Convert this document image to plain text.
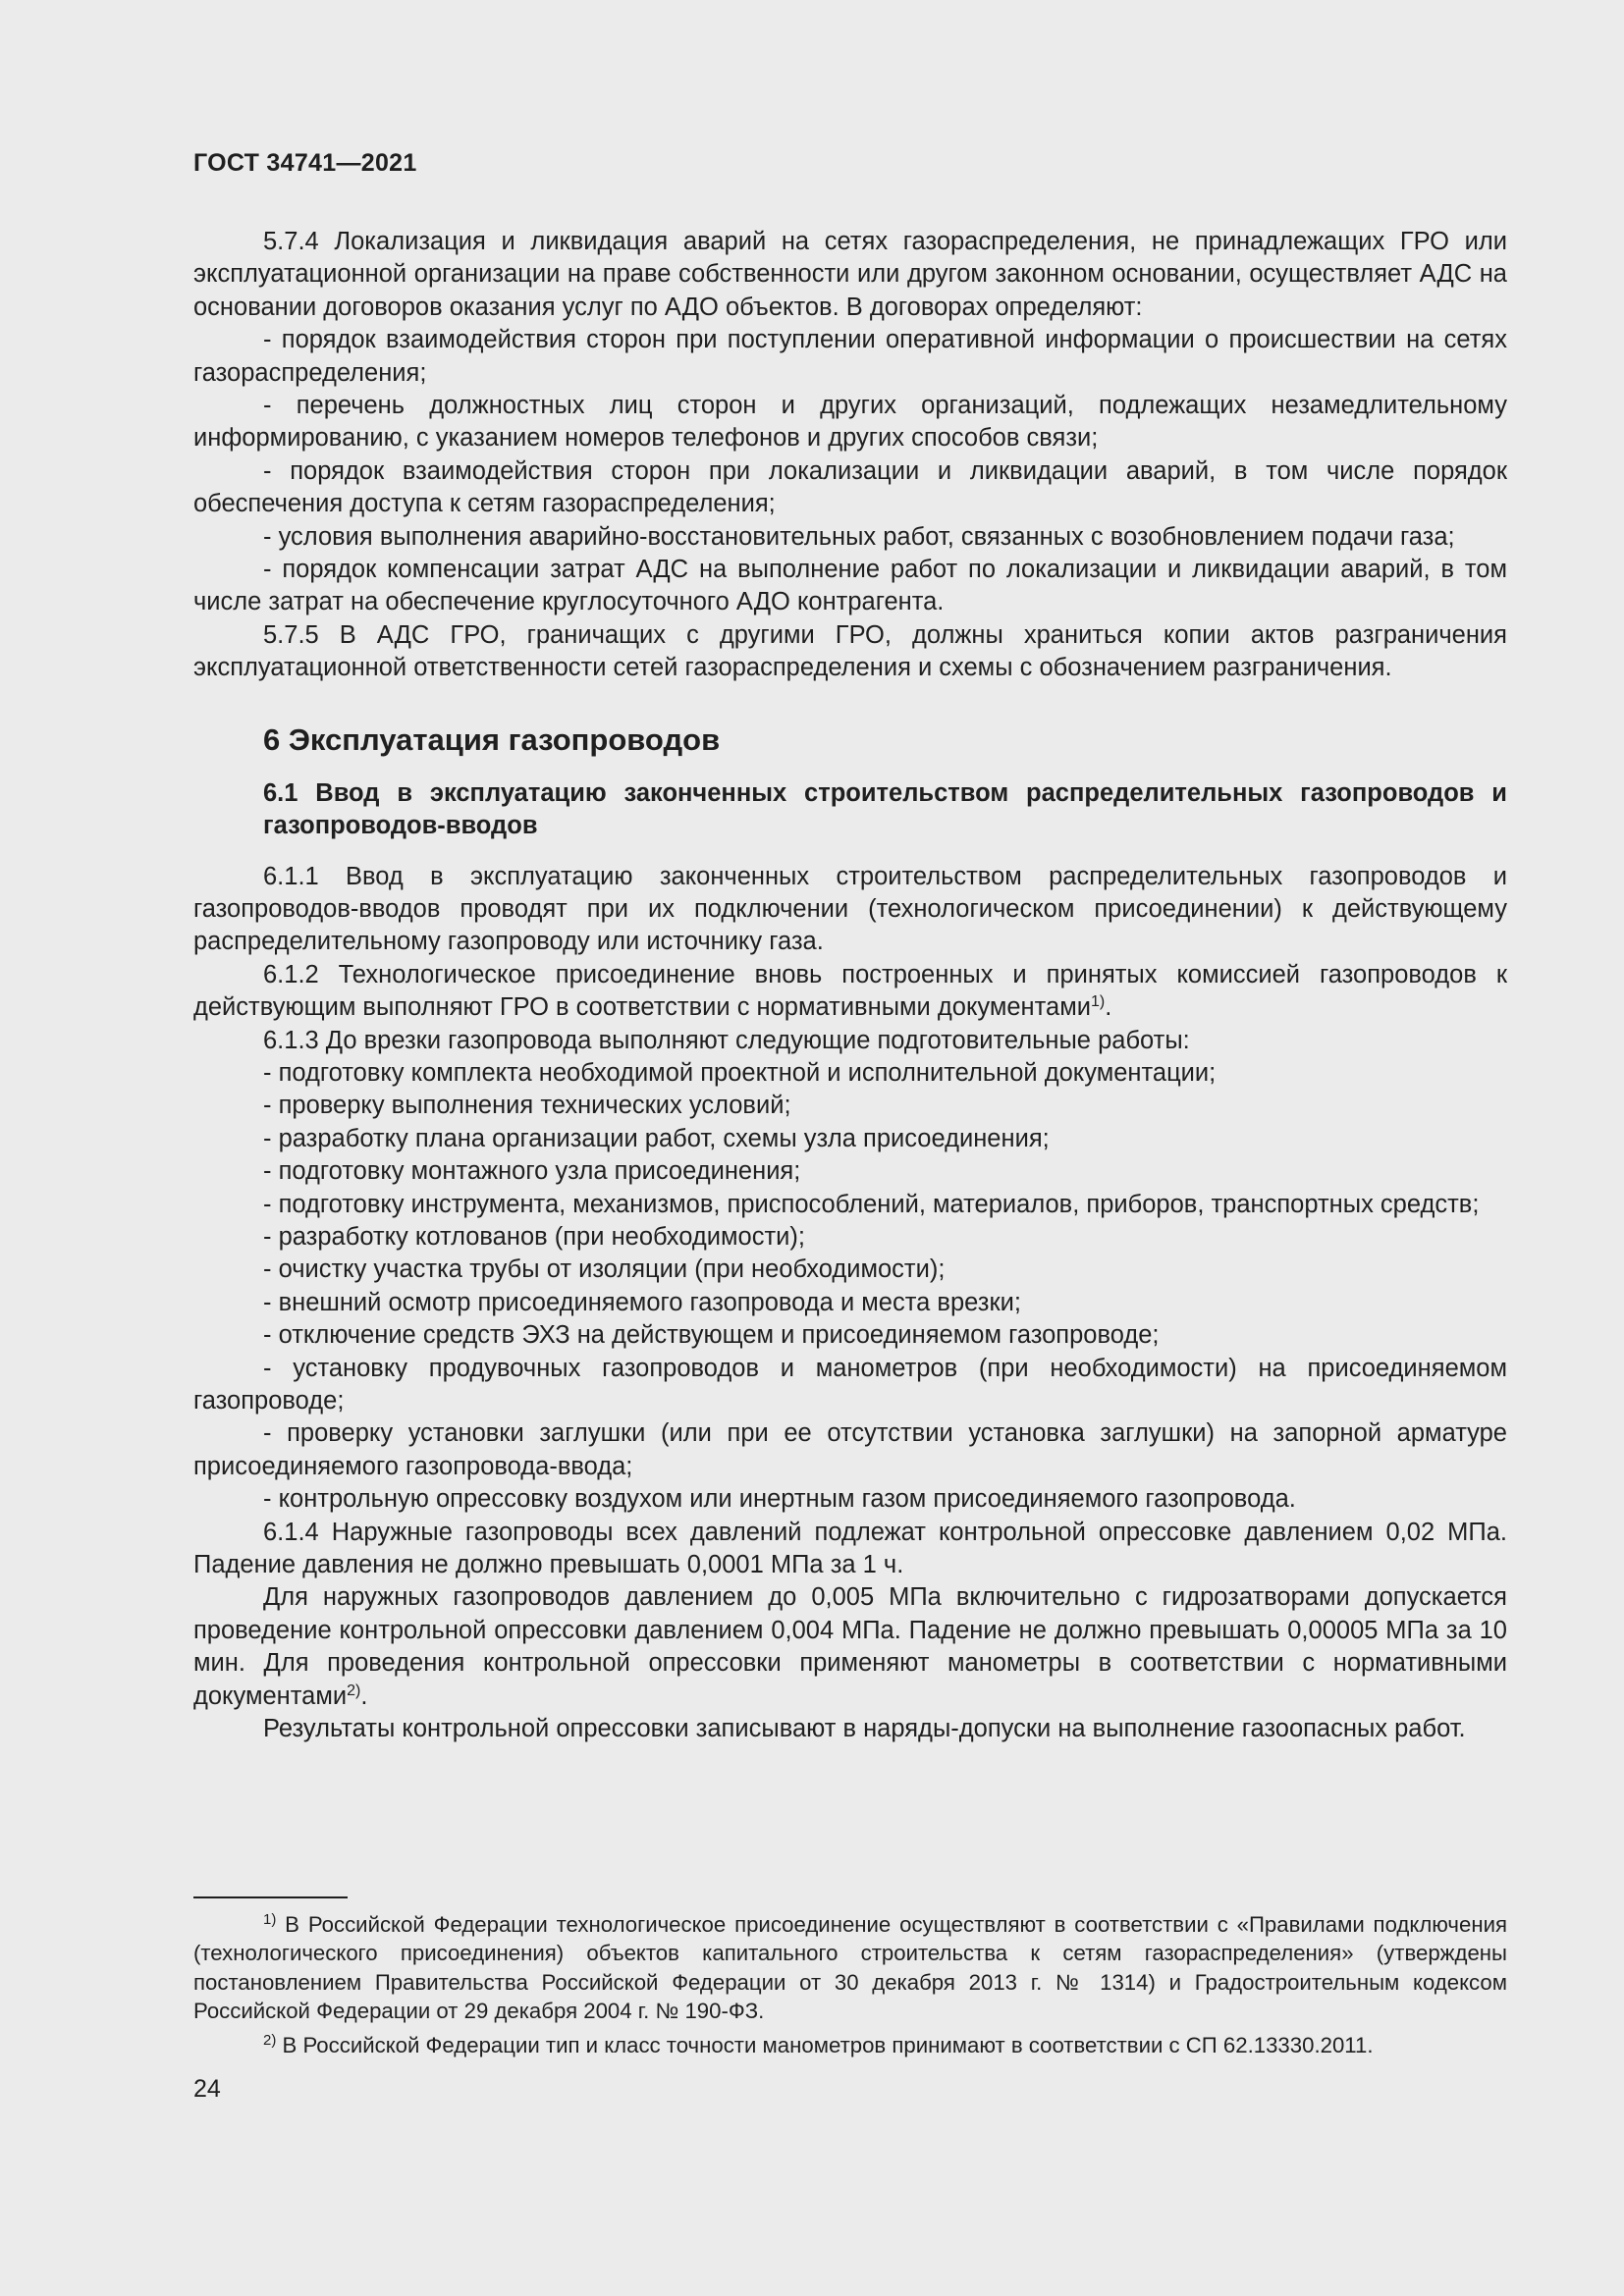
ГОСТ 34741—2021
5.7.4 Локализация и ликвидация аварий на сетях газораспределения, не принадлежащих ГРО или эксплуатационной организации на праве собственности или другом законном основании, осуществляет АДС на основании договоров оказания услуг по АДО объектов. В договорах определяют:
- порядок взаимодействия сторон при поступлении оперативной информации о происшествии на сетях газораспределения;
- перечень должностных лиц сторон и других организаций, подлежащих незамедлительному информированию, с указанием номеров телефонов и других способов связи;
- порядок взаимодействия сторон при локализации и ликвидации аварий, в том числе порядок обеспечения доступа к сетям газораспределения;
- условия выполнения аварийно-восстановительных работ, связанных с возобновлением подачи газа;
- порядок компенсации затрат АДС на выполнение работ по локализации и ликвидации аварий, в том числе затрат на обеспечение круглосуточного АДО контрагента.
5.7.5 В АДС ГРО, граничащих с другими ГРО, должны храниться копии актов разграничения эксплуатационной ответственности сетей газораспределения и схемы с обозначением разграничения.
6 Эксплуатация газопроводов
6.1 Ввод в эксплуатацию законченных строительством распределительных газопроводов и газопроводов-вводов
6.1.1 Ввод в эксплуатацию законченных строительством распределительных газопроводов и газопроводов-вводов проводят при их подключении (технологическом присоединении) к действующему распределительному газопроводу или источнику газа.
6.1.2 Технологическое присоединение вновь построенных и принятых комиссией газопроводов к действующим выполняют ГРО в соответствии с нормативными документами$^{1)}$.
6.1.3 До врезки газопровода выполняют следующие подготовительные работы:
- подготовку комплекта необходимой проектной и исполнительной документации;
- проверку выполнения технических условий;
- разработку плана организации работ, схемы узла присоединения;
- подготовку монтажного узла присоединения;
- подготовку инструмента, механизмов, приспособлений, материалов, приборов, транспортных средств;
- разработку котлованов (при необходимости);
- очистку участка трубы от изоляции (при необходимости);
- внешний осмотр присоединяемого газопровода и места врезки;
- отключение средств ЭХЗ на действующем и присоединяемом газопроводе;
- установку продувочных газопроводов и манометров (при необходимости) на присоединяемом газопроводе;
- проверку установки заглушки (или при ее отсутствии установка заглушки) на запорной арматуре присоединяемого газопровода-ввода;
- контрольную опрессовку воздухом или инертным газом присоединяемого газопровода.
6.1.4 Наружные газопроводы всех давлений подлежат контрольной опрессовке давлением 0,02 МПа. Падение давления не должно превышать 0,0001 МПа за 1 ч.
Для наружных газопроводов давлением до 0,005 МПа включительно с гидрозатворами допускается проведение контрольной опрессовки давлением 0,004 МПа. Падение не должно превышать 0,00005 МПа за 10 мин. Для проведения контрольной опрессовки применяют манометры в соответствии с нормативными документами$^{2)}$.
Результаты контрольной опрессовки записывают в наряды-допуски на выполнение газоопасных работ.
$^{1)}$ В Российской Федерации технологическое присоединение осуществляют в соответствии с «Правилами подключения (технологического присоединения) объектов капитального строительства к сетям газораспределения» (утверждены постановлением Правительства Российской Федерации от 30 декабря 2013 г. № 1314) и Градостроительным кодексом Российской Федерации от 29 декабря 2004 г. № 190-ФЗ.
$^{2)}$ В Российской Федерации тип и класс точности манометров принимают в соответствии с СП 62.13330.2011.
24
